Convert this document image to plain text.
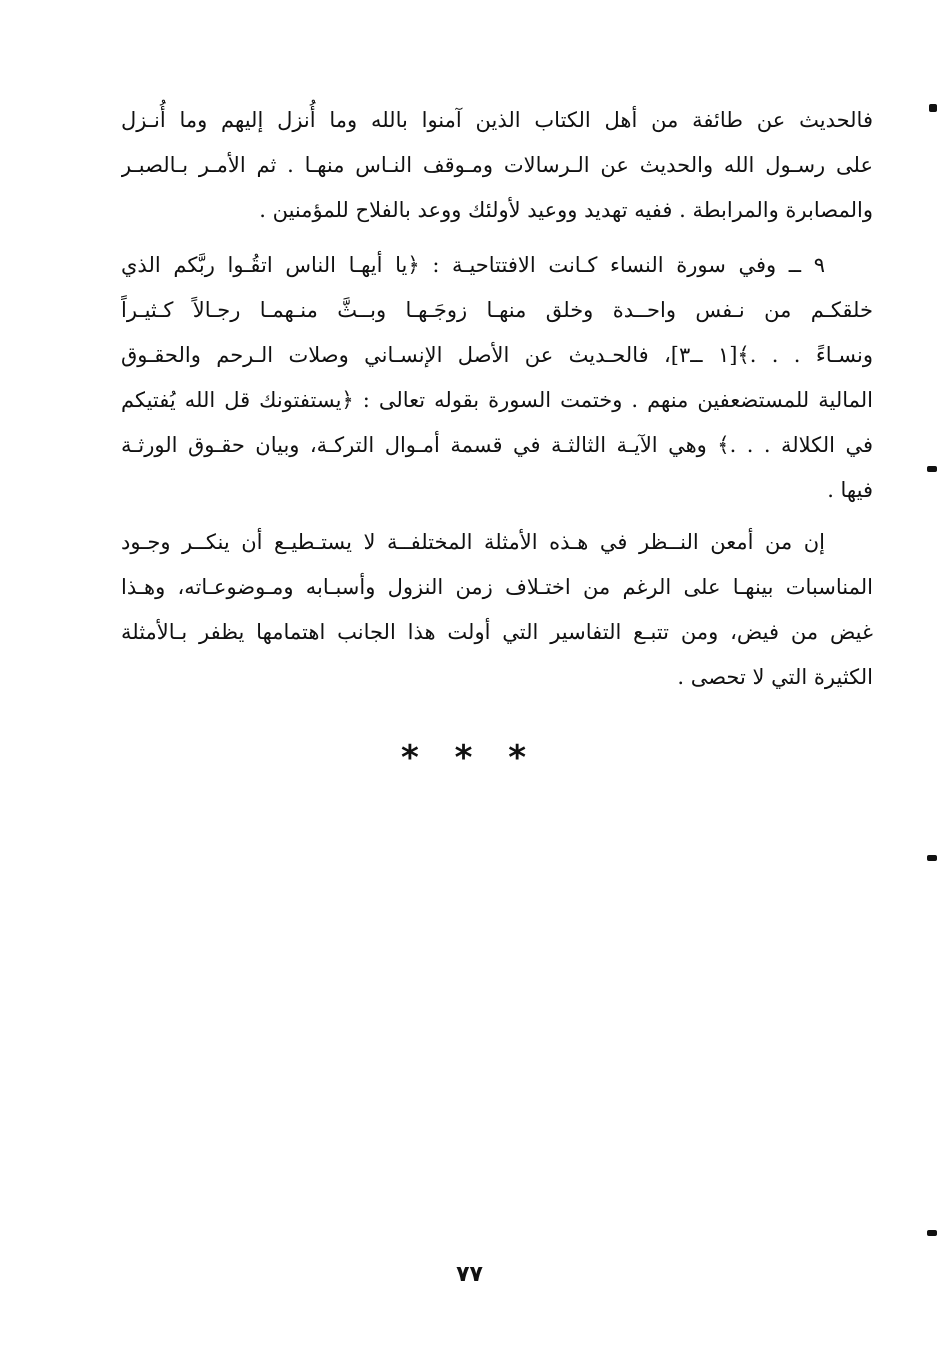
فالحديث عن طائفة من أهل الكتاب الذين آمنوا بالله وما أُنزل إليهم وما أُنـزل
على رسـول الله والحديث عن الـرسالات ومـوقف النـاس منهـا . ثم الأمـر بـالصبـر
والمصابرة والمرابطة . ففيه تهديد ووعيد لأولئك ووعد بالفلاح للمؤمنين .
٩ ــ وفي سورة النساء كـانت الافتتاحيـة : ﴿يا أيهـا الناس اتقُـوا ربَّكم الذي
خلقكـم من نـفس واحــدة وخلق منهـا زوجَـهـا وبــثَّ منـهمـا رجـالاً كـثيـراً
ونسـاءً . . .﴾[١ ــ٣]، فالحـديث عن الأصل الإنسـاني وصلات الـرحم والحقـوق
المالية للمستضعفين منهم . وختمت السورة بقوله تعالى : ﴿يستفتونك قل الله يُفتيكم
في الكلالة . . .﴾ وهي الآيـة الثالثـة في قسمة أمـوال التركـة، وبيان حقـوق الورثـة
فيها .
إن من أمعن النــظر في هـذه الأمثلة المختلفــة لا يستـطيـع أن ينكــر وجـود
المناسبات بينهـا على الرغم من اختـلاف زمن النزول وأسبـابه ومـوضوعـاته، وهـذا
غيض من فيض، ومن تتبـع التفاسير التي أولت هذا الجانب اهتمامها يظفر بـالأمثلة
الكثيرة التي لا تحصى .
* * *
٧٧
